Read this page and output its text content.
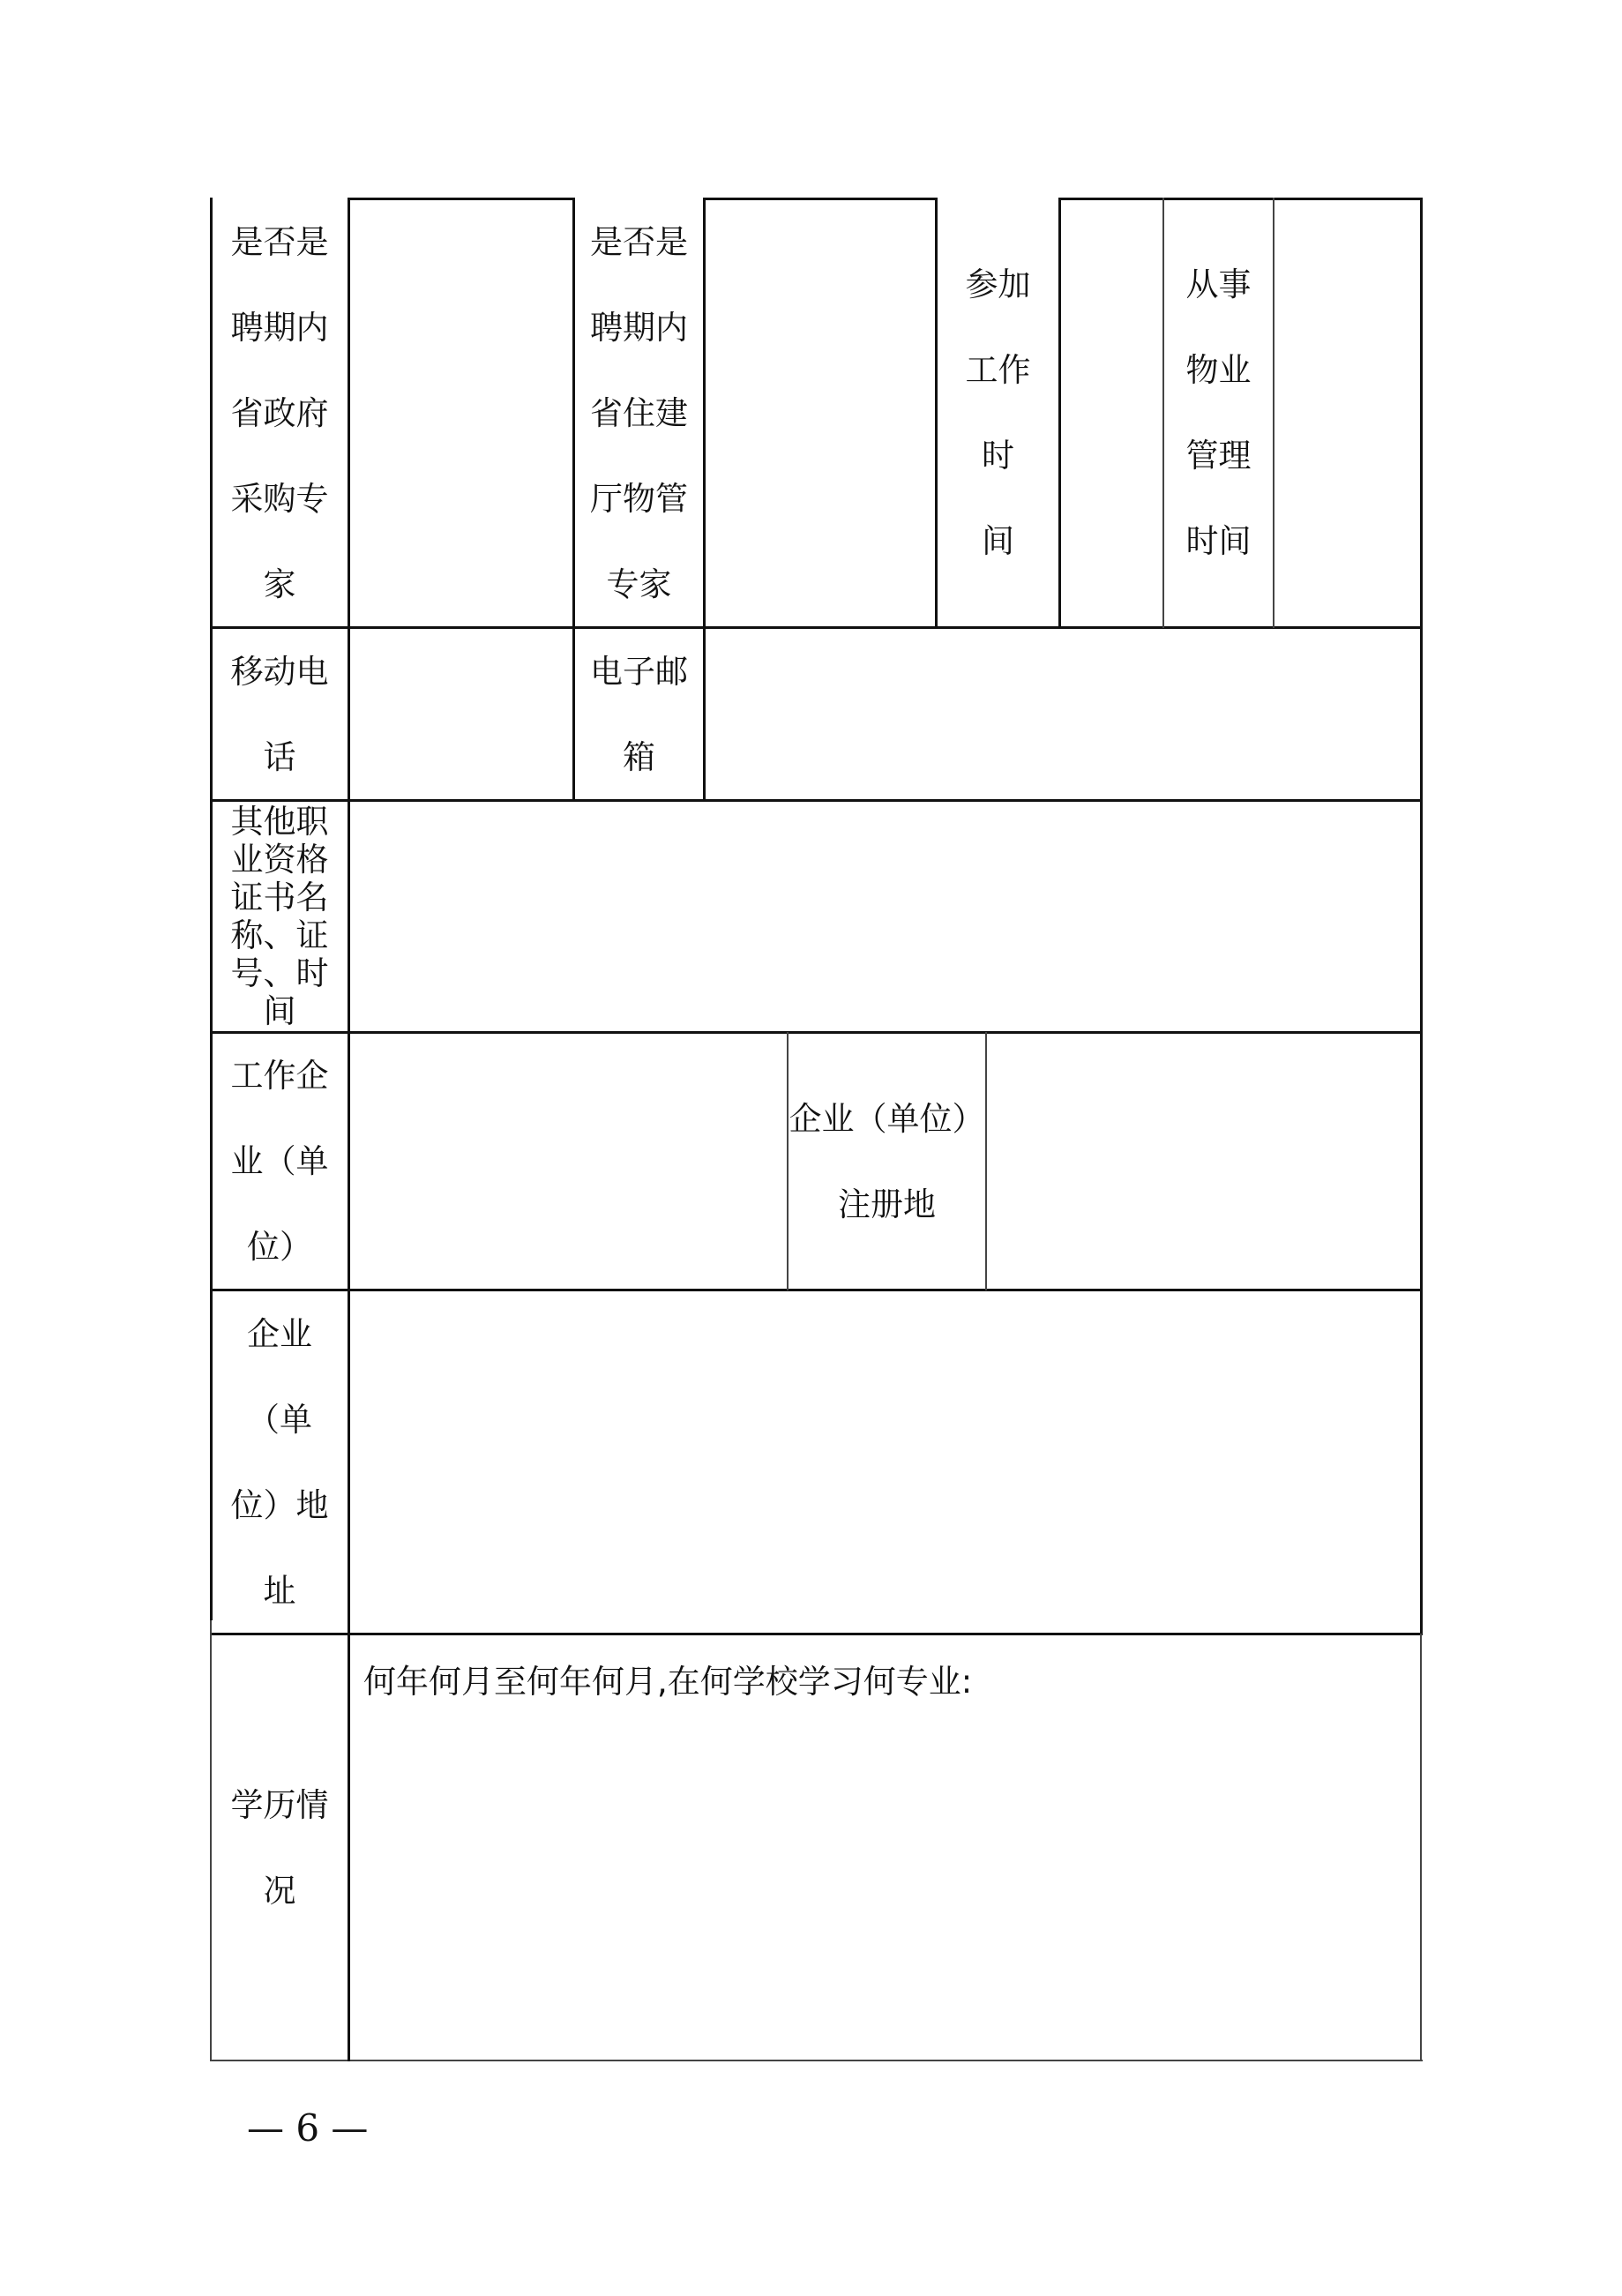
是否是
聘期内
省政府
采购专
家
是否是
聘期内
省住建
厅物管
专家
参加
工作
时
间
从事
物业
管理
时间
移动电
话
电子邮
箱
其他职
业资格
证书名
称、证
号、时
间
工作企
业（单
位）
企业（单位）
注册地
企业
（单
位）地
址
学历情
况
何年何月至何年何月,在何学校学习何专业:
— 6 —
